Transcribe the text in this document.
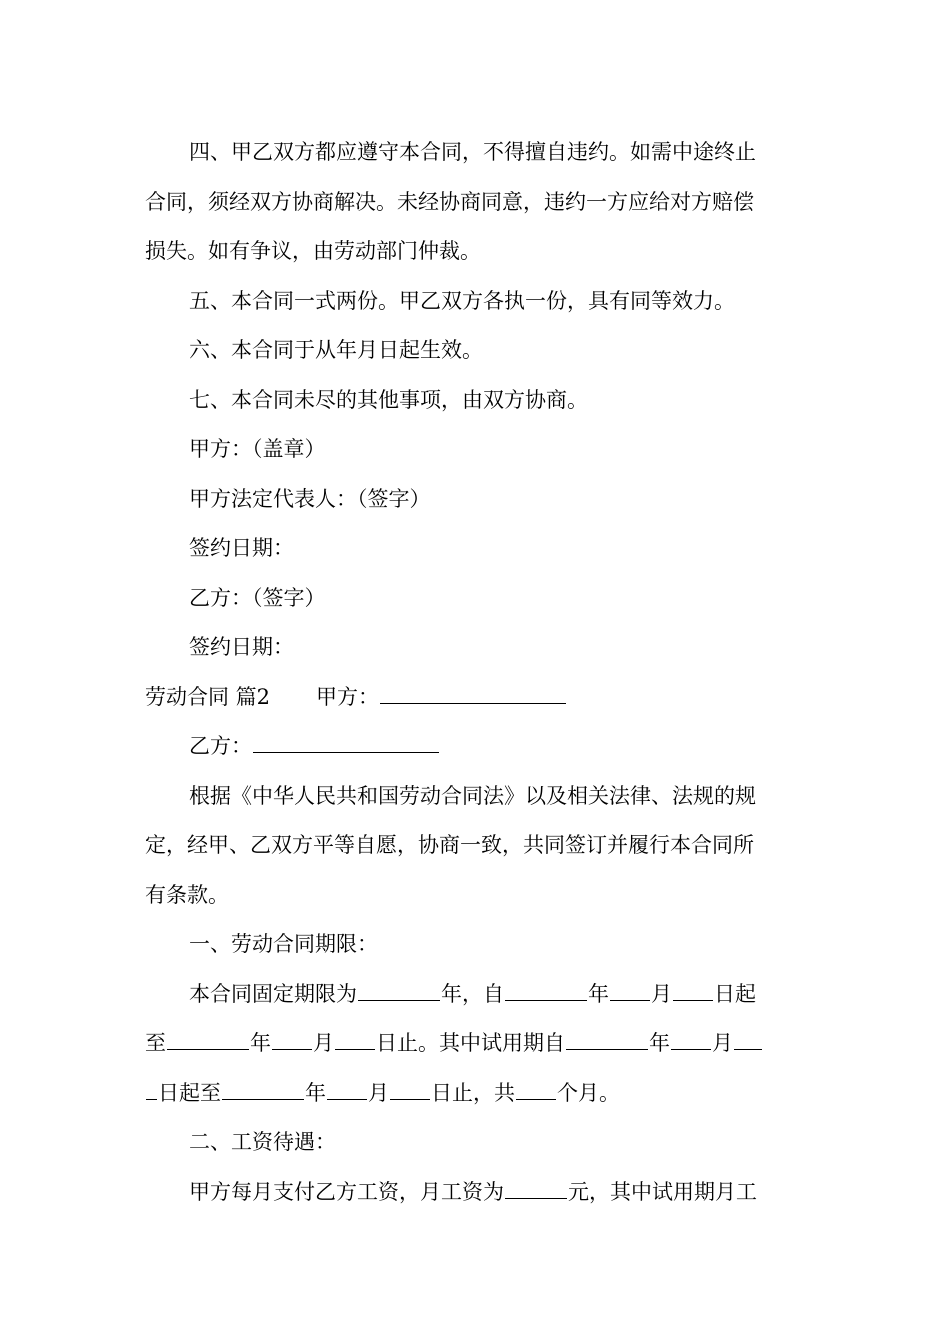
四、甲乙双方都应遵守本合同，不得擅自违约。如需中途终止

合同，须经双方协商解决。未经协商同意，违约一方应给对方赔偿

损失。如有争议，由劳动部门仲裁。

五、本合同一式两份。甲乙双方各执一份，具有同等效力。

六、本合同于从年月日起生效。

七、本合同未尽的其他事项，由双方协商。

甲方：（盖章）

甲方法定代表人：（签字）

签约日期：

乙方：（签字）

签约日期：

劳动合同 篇2 甲方：

乙方：

根据《中华人民共和国劳动合同法》以及相关法律、法规的规

定，经甲、乙双方平等自愿，协商一致，共同签订并履行本合同所

有条款。

一、劳动合同期限：

本合同固定期限为	年，自	年 月 日起

至	年 月 日止。其中试用期自	年 月

日起至	年 月 日止，共 个月。

二、工资待遇：

甲方每月支付乙方工资，月工资为	元，其中试用期月工
